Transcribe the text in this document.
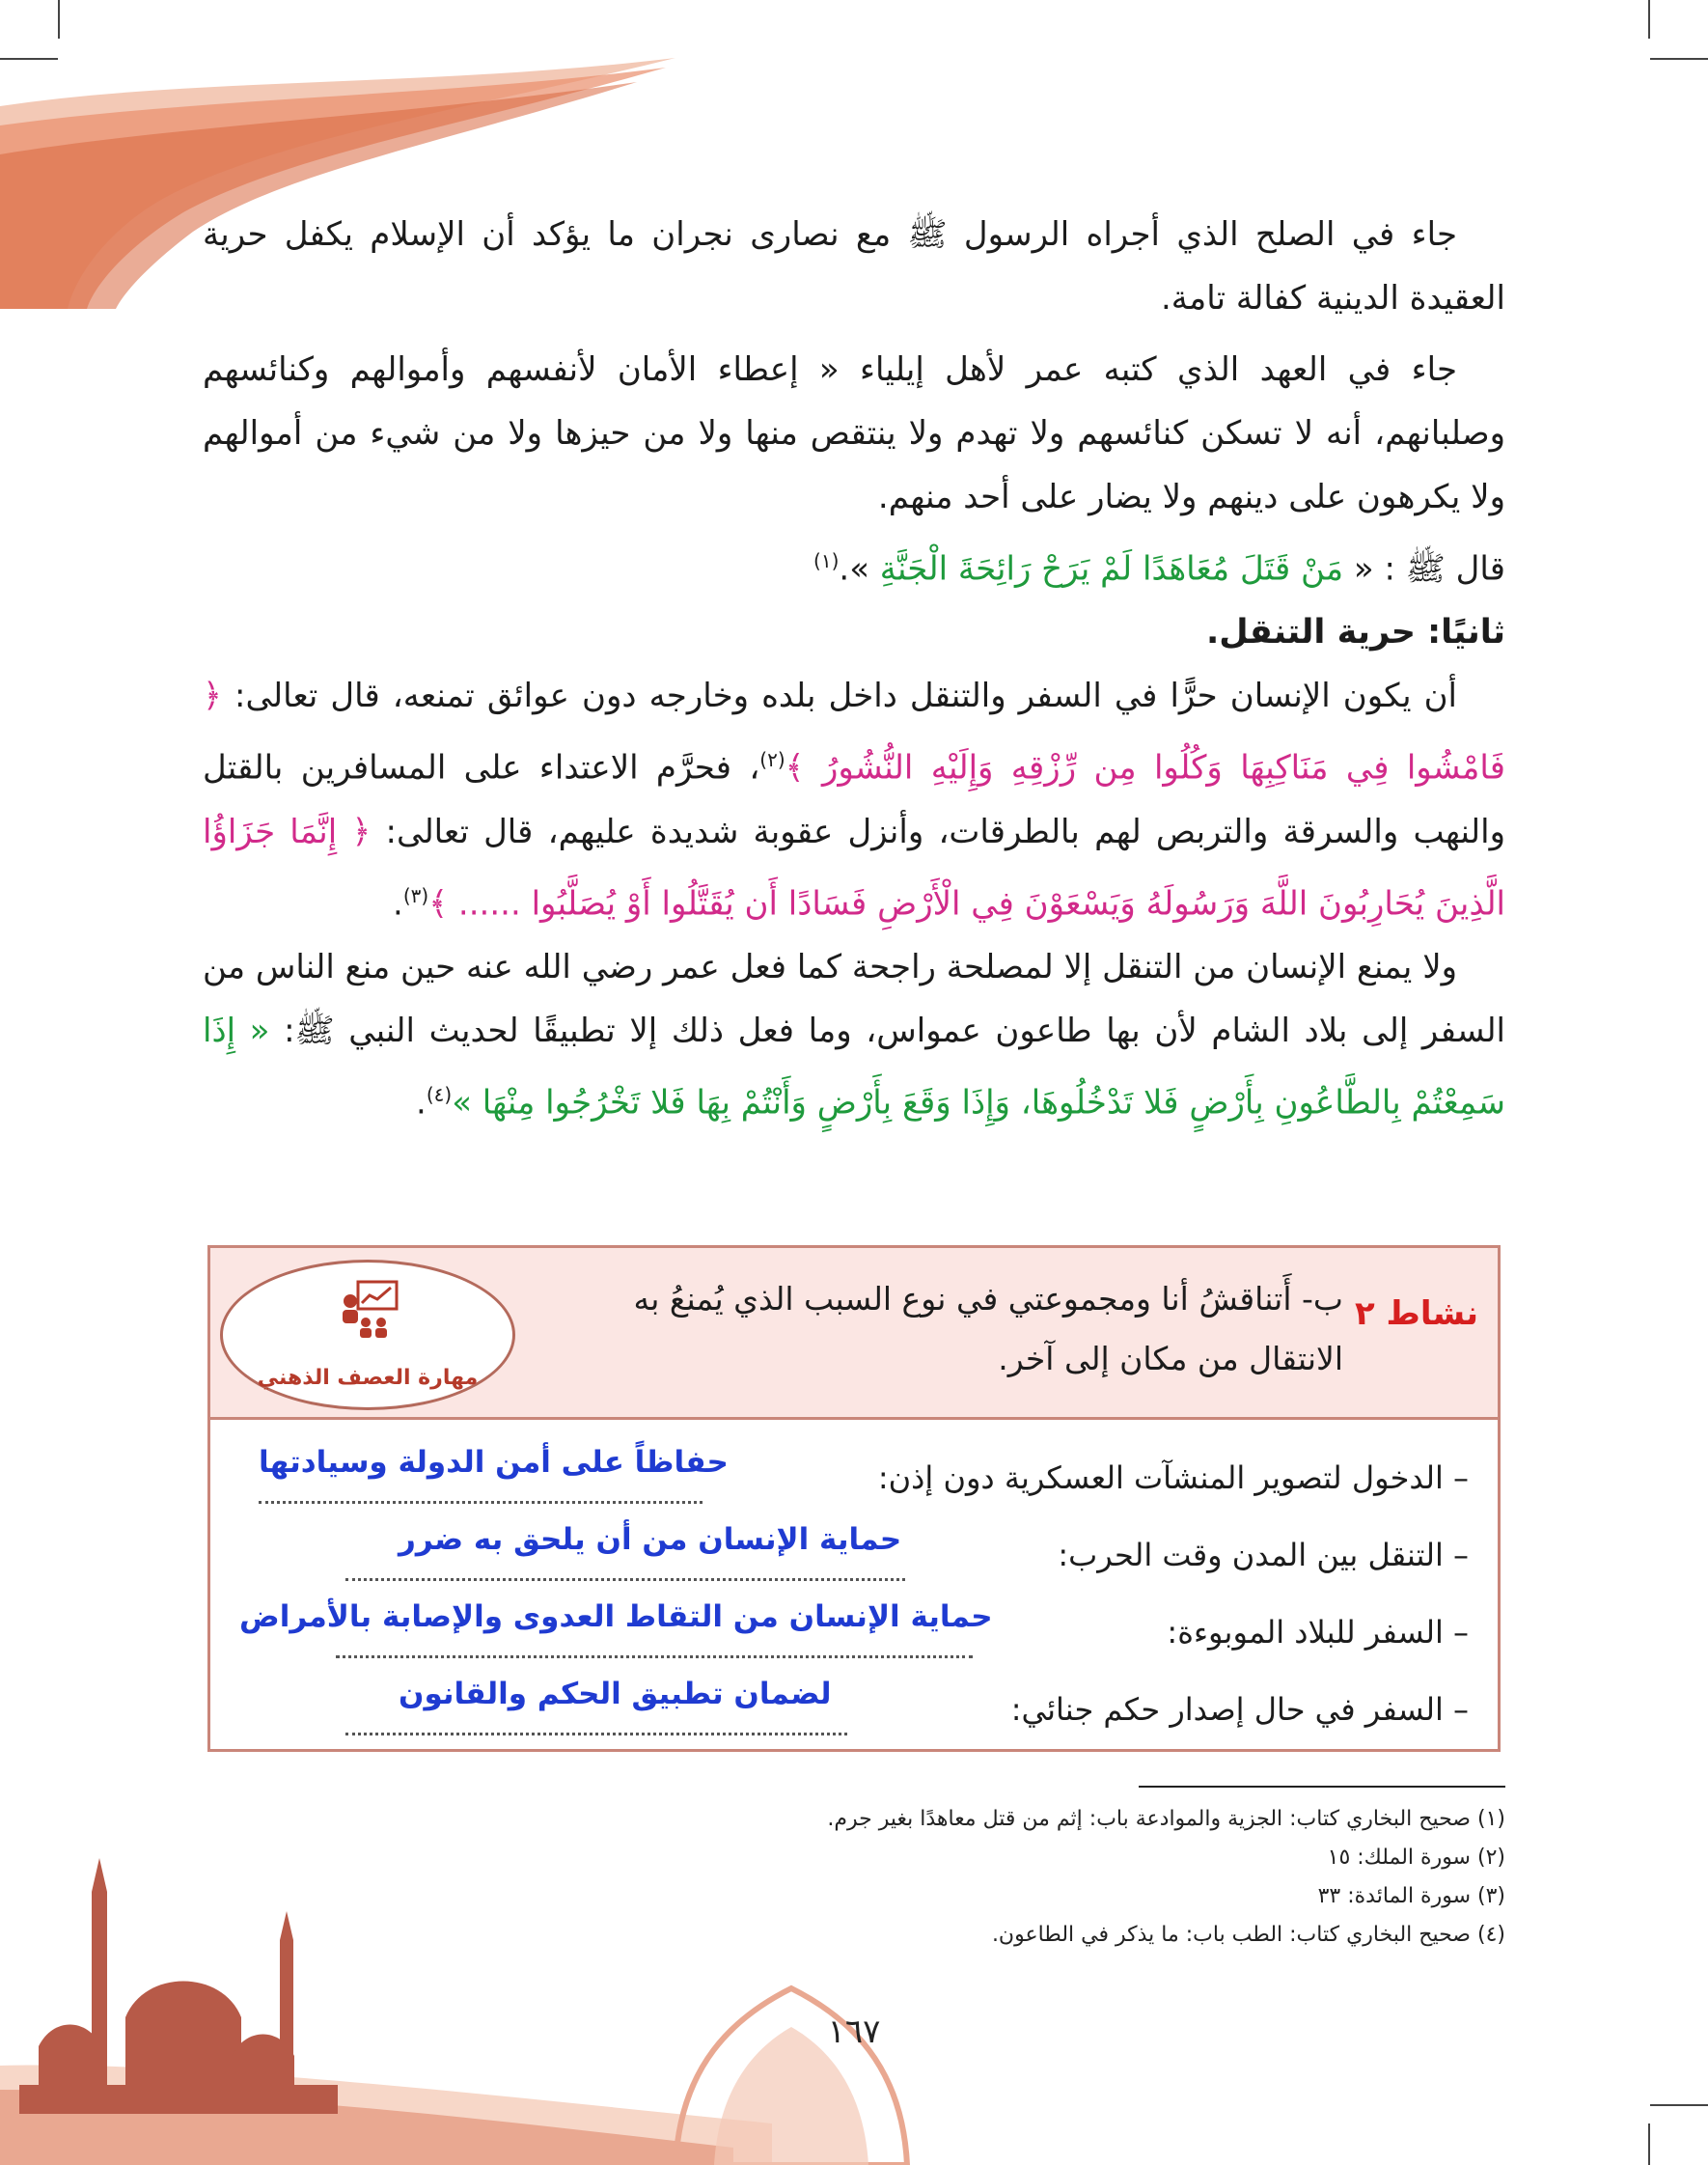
جاء في الصلح الذي أجراه الرسول ﷺ مع نصارى نجران ما يؤكد أن الإسلام يكفل حرية العقيدة الدينية كفالة تامة.

جاء في العهد الذي كتبه عمر لأهل إيلياء « إعطاء الأمان لأنفسهم وأموالهم وكنائسهم وصلبانهم، أنه لا تسكن كنائسهم ولا تهدم ولا ينتقص منها ولا من حيزها ولا من شيء من أموالهم ولا يكرهون على دينهم ولا يضار على أحد منهم.

قال ﷺ : « مَنْ قَتَلَ مُعَاهَدًا لَمْ يَرَحْ رَائِحَةَ الْجَنَّةِ ».$^{(١)}$

ثانيًا: حرية التنقل.

أن يكون الإنسان حرًّا في السفر والتنقل داخل بلده وخارجه دون عوائق تمنعه، قال تعالى: ﴿ فَامْشُوا فِي مَنَاكِبِهَا وَكُلُوا مِن رِّزْقِهِ وَإِلَيْهِ النُّشُورُ ﴾$^{(٢)}$، فحرَّم الاعتداء على المسافرين بالقتل والنهب والسرقة والتربص لهم بالطرقات، وأنزل عقوبة شديدة عليهم، قال تعالى: ﴿ إِنَّمَا جَزَاؤُا الَّذِينَ يُحَارِبُونَ اللَّهَ وَرَسُولَهُ وَيَسْعَوْنَ فِي الْأَرْضِ فَسَادًا أَن يُقَتَّلُوا أَوْ يُصَلَّبُوا ...... ﴾$^{(٣)}$.

ولا يمنع الإنسان من التنقل إلا لمصلحة راجحة كما فعل عمر رضي الله عنه حين منع الناس من السفر إلى بلاد الشام لأن بها طاعون عمواس، وما فعل ذلك إلا تطبيقًا لحديث النبي ﷺ: « إِذَا سَمِعْتُمْ بِالطَّاعُونِ بِأَرْضٍ فَلا تَدْخُلُوهَا، وَإِذَا وَقَعَ بِأَرْضٍ وَأَنْتُمْ بِهَا فَلا تَخْرُجُوا مِنْهَا »$^{(٤)}$.

نشاط ٢
ب- أَتناقشُ أنا ومجموعتي في نوع السبب الذي يُمنعُ به الانتقال من مكان إلى آخر.
مهارة العصف الذهني
– الدخول لتصوير المنشآت العسكرية دون إذن:
حفاظاً على أمن الدولة وسيادتها
– التنقل بين المدن وقت الحرب:
حماية الإنسان من أن يلحق به ضرر
– السفر للبلاد الموبوءة:
حماية الإنسان من التقاط العدوى والإصابة بالأمراض
– السفر في حال إصدار حكم جنائي:
لضمان تطبيق الحكم والقانون
(١) صحيح البخاري كتاب: الجزية والموادعة باب: إثم من قتل معاهدًا بغير جرم.
(٢) سورة الملك: ١٥
(٣) سورة المائدة: ٣٣
(٤) صحيح البخاري كتاب: الطب باب: ما يذكر في الطاعون.
١٦٧
